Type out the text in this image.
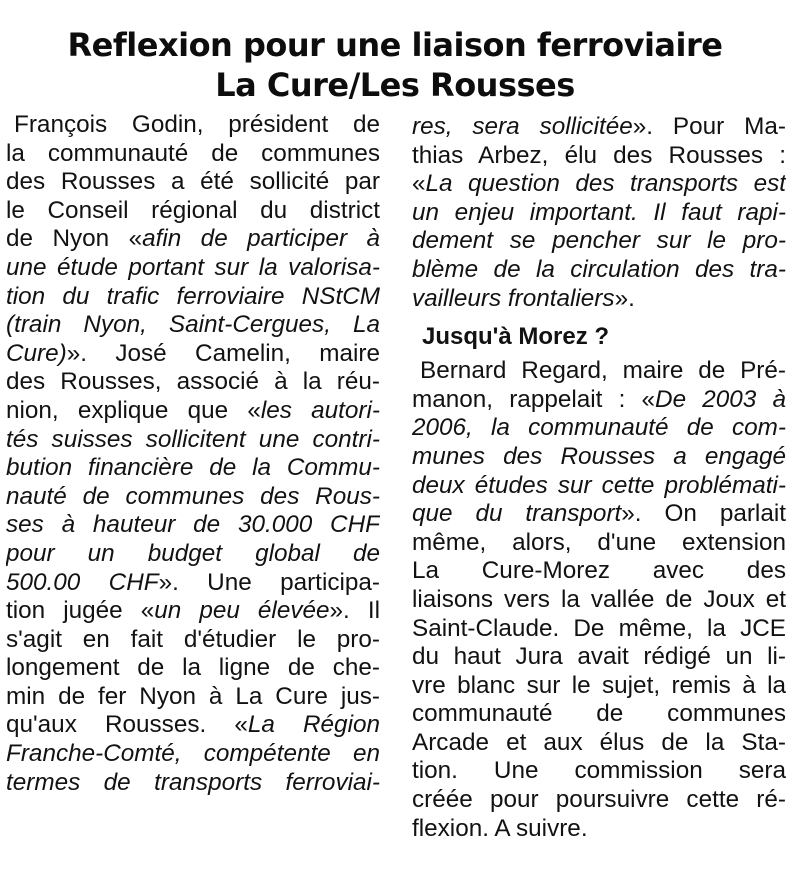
Reflexion pour une liaison ferroviaire
La Cure/Les Rousses
François Godin, président de
la communauté de communes
des Rousses a été sollicité par
le Conseil régional du district
de Nyon «afin de participer à
une étude portant sur la valorisa-
tion du trafic ferroviaire NStCM
(train Nyon, Saint-Cergues, La
Cure)». José Camelin, maire
des Rousses, associé à la réu-
nion, explique que «les autori-
tés suisses sollicitent une contri-
bution financière de la Commu-
nauté de communes des Rous-
ses à hauteur de 30.000 CHF
pour un budget global de
500.00 CHF». Une participa-
tion jugée «un peu élevée». Il
s'agit en fait d'étudier le pro-
longement de la ligne de che-
min de fer Nyon à La Cure jus-
qu'aux Rousses. «La Région
Franche-Comté, compétente en
termes de transports ferroviai-
res, sera sollicitée». Pour Ma-
thias Arbez, élu des Rousses :
«La question des transports est
un enjeu important. Il faut rapi-
dement se pencher sur le pro-
blème de la circulation des tra-
vailleurs frontaliers».
Jusqu'à Morez ?
Bernard Regard, maire de Pré-
manon, rappelait : «De 2003 à
2006, la communauté de com-
munes des Rousses a engagé
deux études sur cette problémati-
que du transport». On parlait
même, alors, d'une extension
La Cure-Morez avec des
liaisons vers la vallée de Joux et
Saint-Claude. De même, la JCE
du haut Jura avait rédigé un li-
vre blanc sur le sujet, remis à la
communauté de communes
Arcade et aux élus de la Sta-
tion. Une commission sera
créée pour poursuivre cette ré-
flexion. A suivre.
